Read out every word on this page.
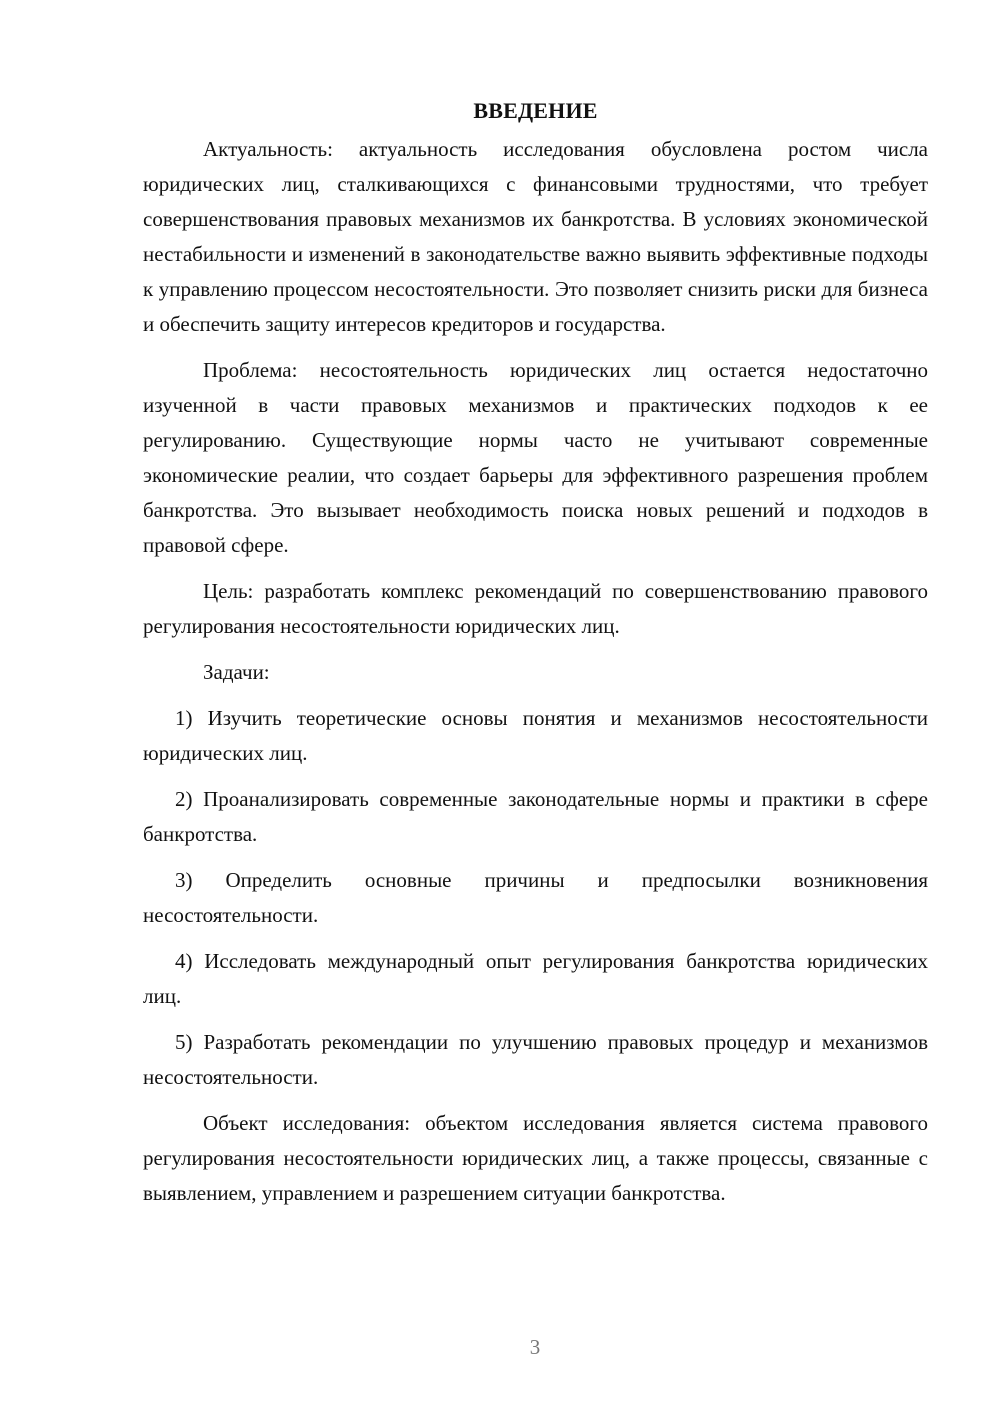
ВВЕДЕНИЕ

Актуальность: актуальность исследования обусловлена ростом числа юридических лиц, сталкивающихся с финансовыми трудностями, что требует совершенствования правовых механизмов их банкротства. В условиях экономической нестабильности и изменений в законодательстве важно выявить эффективные подходы к управлению процессом несостоятельности. Это позволяет снизить риски для бизнеса и обеспечить защиту интересов кредиторов и государства.

Проблема: несостоятельность юридических лиц остается недостаточно изученной в части правовых механизмов и практических подходов к ее регулированию. Существующие нормы часто не учитывают современные экономические реалии, что создает барьеры для эффективного разрешения проблем банкротства. Это вызывает необходимость поиска новых решений и подходов в правовой сфере.

Цель: разработать комплекс рекомендаций по совершенствованию правового регулирования несостоятельности юридических лиц.

Задачи:

1) Изучить теоретические основы понятия и механизмов несостоятельности юридических лиц.

2) Проанализировать современные законодательные нормы и практики в сфере банкротства.

3) Определить основные причины и предпосылки возникновения несостоятельности.

4) Исследовать международный опыт регулирования банкротства юридических лиц.

5) Разработать рекомендации по улучшению правовых процедур и механизмов несостоятельности.

Объект исследования: объектом исследования является система правового регулирования несостоятельности юридических лиц, а также процессы, связанные с выявлением, управлением и разрешением ситуации банкротства.

3
